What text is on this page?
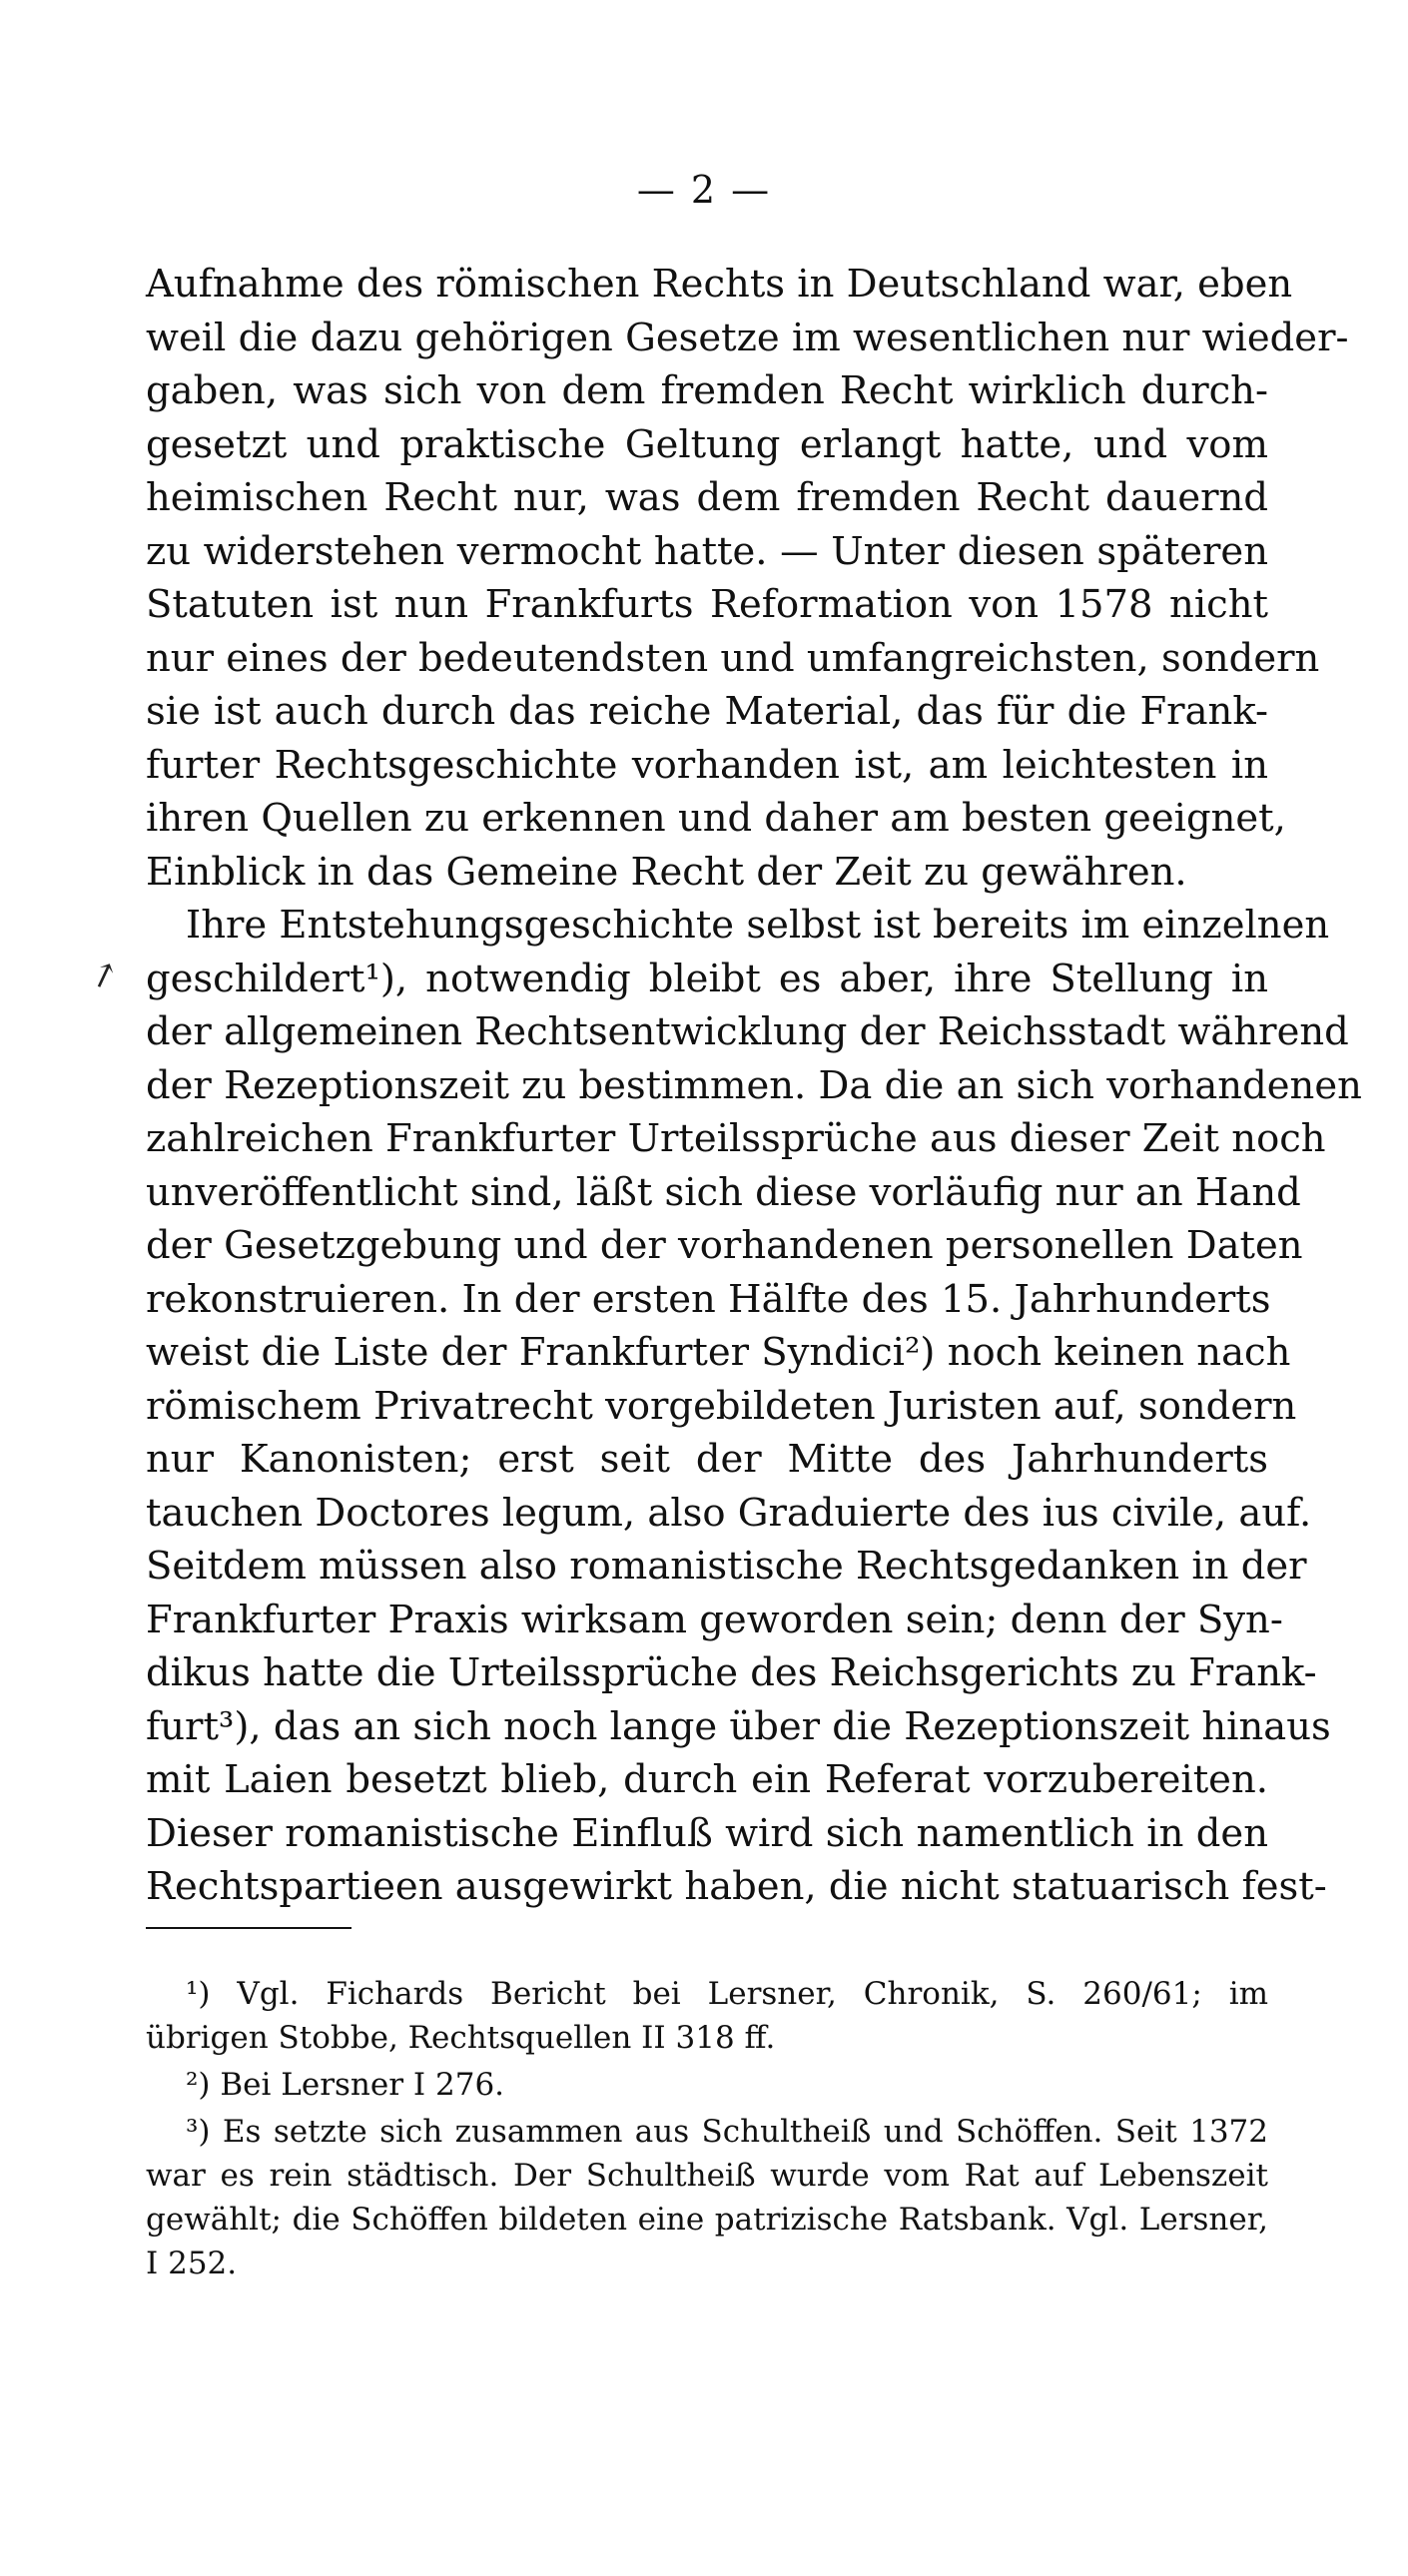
— 2 —
↗
Aufnahme des römischen Rechts in Deutschland war, eben
weil die dazu gehörigen Gesetze im wesentlichen nur wieder-
gaben, was sich von dem fremden Recht wirklich durch-
gesetzt und praktische Geltung erlangt hatte, und vom
heimischen Recht nur, was dem fremden Recht dauernd
zu widerstehen vermocht hatte. — Unter diesen späteren
Statuten ist nun Frankfurts Reformation von 1578 nicht
nur eines der bedeutendsten und umfangreichsten, sondern
sie ist auch durch das reiche Material, das für die Frank-
furter Rechtsgeschichte vorhanden ist, am leichtesten in
ihren Quellen zu erkennen und daher am besten geeignet,
Einblick in das Gemeine Recht der Zeit zu gewähren.
Ihre Entstehungsgeschichte selbst ist bereits im einzelnen
geschildert¹), notwendig bleibt es aber, ihre Stellung in
der allgemeinen Rechtsentwicklung der Reichsstadt während
der Rezeptionszeit zu bestimmen. Da die an sich vorhandenen
zahlreichen Frankfurter Urteilssprüche aus dieser Zeit noch
unveröffentlicht sind, läßt sich diese vorläufig nur an Hand
der Gesetzgebung und der vorhandenen personellen Daten
rekonstruieren. In der ersten Hälfte des 15. Jahrhunderts
weist die Liste der Frankfurter Syndici²) noch keinen nach
römischem Privatrecht vorgebildeten Juristen auf, sondern
nur Kanonisten; erst seit der Mitte des Jahrhunderts
tauchen Doctores legum, also Graduierte des ius civile, auf.
Seitdem müssen also romanistische Rechtsgedanken in der
Frankfurter Praxis wirksam geworden sein; denn der Syn-
dikus hatte die Urteilssprüche des Reichsgerichts zu Frank-
furt³), das an sich noch lange über die Rezeptionszeit hinaus
mit Laien besetzt blieb, durch ein Referat vorzubereiten.
Dieser romanistische Einfluß wird sich namentlich in den
Rechtspartieen ausgewirkt haben, die nicht statuarisch fest-
¹) Vgl. Fichards Bericht bei Lersner, Chronik, S. 260/61; im
übrigen Stobbe, Rechtsquellen II 318 ff.
²) Bei Lersner I 276.
³) Es setzte sich zusammen aus Schultheiß und Schöffen. Seit 1372
war es rein städtisch. Der Schultheiß wurde vom Rat auf Lebenszeit
gewählt; die Schöffen bildeten eine patrizische Ratsbank. Vgl. Lersner,
I 252.
